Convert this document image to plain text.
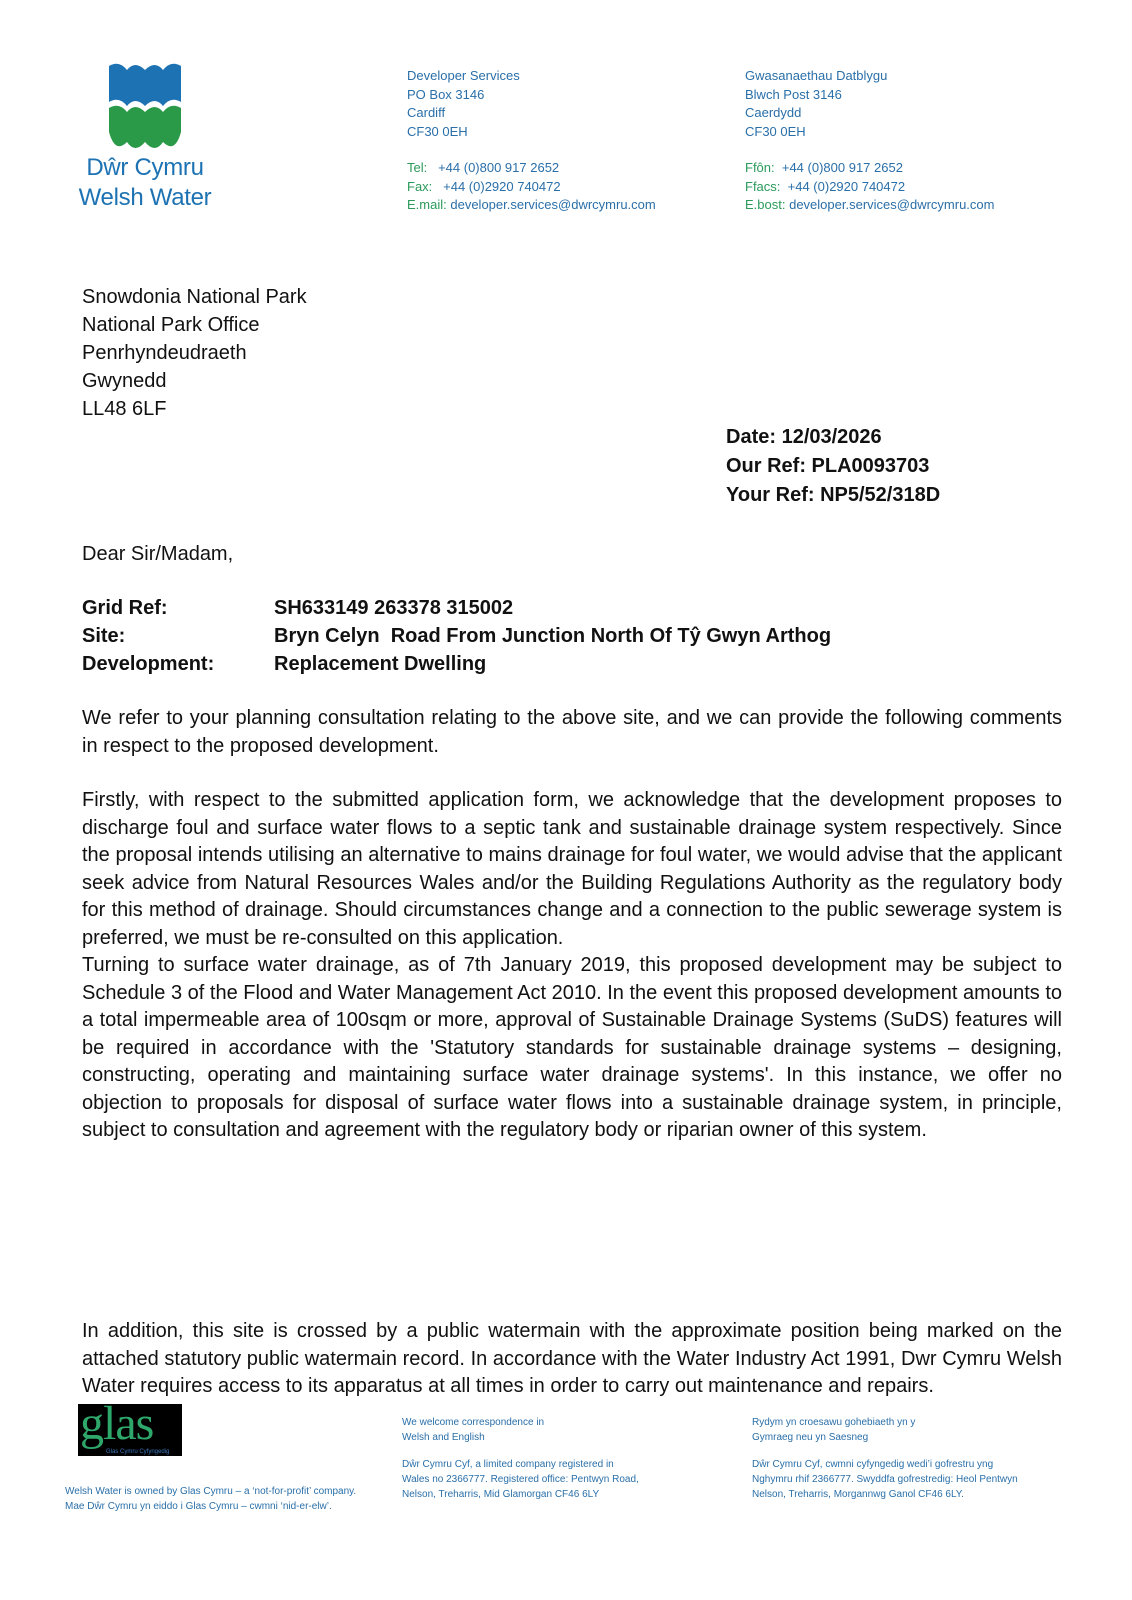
Dŵr Cymru
Welsh Water
Developer Services
PO Box 3146
Cardiff
CF30 0EH
Tel: +44 (0)800 917 2652
Fax: +44 (0)2920 740472
E.mail: developer.services@dwrcymru.com
Gwasanaethau Datblygu
Blwch Post 3146
Caerdydd
CF30 0EH
Ffôn: +44 (0)800 917 2652
Ffacs: +44 (0)2920 740472
E.bost: developer.services@dwrcymru.com
Snowdonia National Park
National Park Office
Penrhyndeudraeth
Gwynedd
LL48 6LF
Date: 12/03/2026
Our Ref: PLA0093703
Your Ref: NP5/52/318D
Dear Sir/Madam,
Grid Ref:	SH633149 263378 315002
Site:	Bryn Celyn  Road From Junction North Of Tŷ Gwyn Arthog
Development:	Replacement Dwelling

We refer to your planning consultation relating to the above site, and we can provide the following comments in respect to the proposed development.

Firstly, with respect to the submitted application form, we acknowledge that the development proposes to discharge foul and surface water flows to a septic tank and sustainable drainage system respectively. Since the proposal intends utilising an alternative to mains drainage for foul water, we would advise that the applicant seek advice from Natural Resources Wales and/or the Building Regulations Authority as the regulatory body for this method of drainage. Should circumstances change and a connection to the public sewerage system is preferred, we must be re-consulted on this application.

Turning to surface water drainage, as of 7th January 2019, this proposed development may be subject to Schedule 3 of the Flood and Water Management Act 2010. In the event this proposed development amounts to a total impermeable area of 100sqm or more, approval of Sustainable Drainage Systems (SuDS) features will be required in accordance with the 'Statutory standards for sustainable drainage systems – designing, constructing, operating and maintaining surface water drainage systems'. In this instance, we offer no objection to proposals for disposal of surface water flows into a sustainable drainage system, in principle, subject to consultation and agreement with the regulatory body or riparian owner of this system.

In addition, this site is crossed by a public watermain with the approximate position being marked on the attached statutory public watermain record. In accordance with the Water Industry Act 1991, Dwr Cymru Welsh Water requires access to its apparatus at all times in order to carry out maintenance and repairs.

glas
Glas Cymru Cyfyngedig
Welsh Water is owned by Glas Cymru – a ‘not-for-profit’ company.
Mae Dŵr Cymru yn eiddo i Glas Cymru – cwmni ‘nid-er-elw’.
We welcome correspondence in
Welsh and English
Dŵr Cymru Cyf, a limited company registered in
Wales no 2366777. Registered office: Pentwyn Road,
Nelson, Treharris, Mid Glamorgan CF46 6LY
Rydym yn croesawu gohebiaeth yn y
Gymraeg neu yn Saesneg
Dŵr Cymru Cyf, cwmni cyfyngedig wedi’i gofrestru yng
Nghymru rhif 2366777. Swyddfa gofrestredig: Heol Pentwyn
Nelson, Treharris, Morgannwg Ganol CF46 6LY.
